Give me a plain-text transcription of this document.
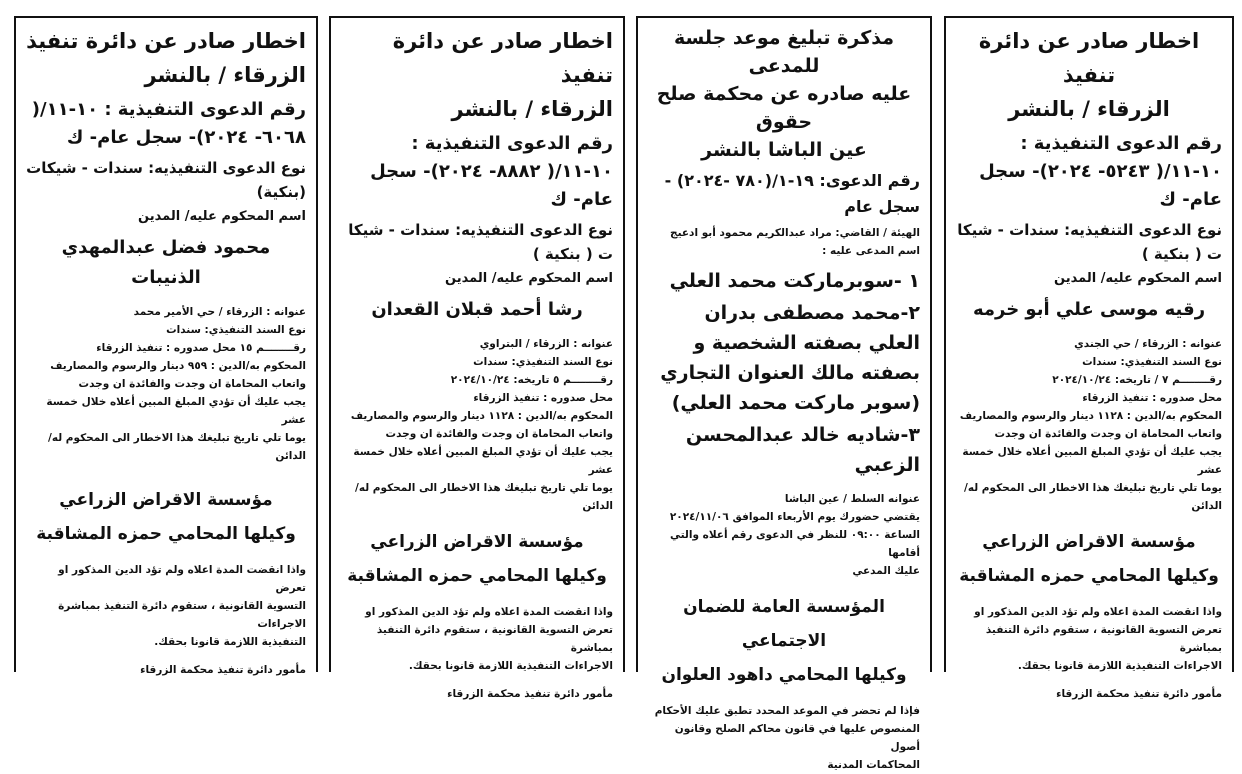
اخطار صادر عن دائرة تنفيذ

الزرقاء / بالنشر

رقم الدعوى التنفيذية : ١٠-١١/( ٥٢٤٣- ٢٠٢٤)- سجل عام- ك

نوع الدعوى التنفيذيه: سندات - شيكا ت ( بنكية )

اسم المحكوم عليه/ المدين

رقيه موسى علي أبو خرمه

عنوانه : الزرقاء / حي الجندي

نوع السند التنفيذي: سندات

رقــــــــم ٧ / تاريخه: ٢٠٢٤/١٠/٢٤

محل صدوره : تنفيذ الزرقاء

المحكوم به/الدين : ١١٢٨ دينار والرسوم والمصاريف

واتعاب المحاماة ان وجدت والفائدة ان وجدت

يجب عليك أن تؤدي المبلغ المبين أعلاه خلال خمسة عشر

يوما تلي تاريخ تبليغك هذا الاخطار الى المحكوم له/ الدائن

مؤسسة الاقراض الزراعي

وكيلها المحامي حمزه المشاقبة

واذا انقضت المدة اعلاه ولم تؤد الدين المذكور او

تعرض التسوية القانونية ، ستقوم دائرة التنفيذ بمباشرة

الاجراءات التنفيذية اللازمة قانونا بحقك.

مأمور دائرة تنفيذ محكمة الزرقاء

مذكرة تبليغ موعد جلسة للمدعى

عليه صادره عن محكمة صلح حقوق

عين الباشا بالنشر

رقم الدعوى: ١٩-١/(٧٨٠ -٢٠٢٤) - سجل عام

الهيئة / القاضي: مراد عبدالكريم محمود أبو ادعيج

اسم المدعى عليه :

١ -سوبرماركت محمد العلي

٢-محمد مصطفى بدران العلي بصفته الشخصية و بصفته مالك العنوان التجاري (سوبر ماركت محمد العلي)

٣-شاديه خالد عبدالمحسن الزعبي

عنوانه السلط / عين الباشا

يقتضي حضورك يوم الأربعاء الموافق ٢٠٢٤/١١/٠٦

الساعة ٠٩:٠٠ للنظر في الدعوى رقم أعلاه والتي أقامها

عليك المدعي

المؤسسة العامة للضمان الاجتماعي

وكيلها المحامي داهود العلوان

فإذا لم تحضر في الموعد المحدد تطبق عليك الأحكام

المنصوص عليها في قانون محاكم الصلح وقانون أصول

المحاكمات المدنية

اخطار صادر عن دائرة تنفيذ

الزرقاء / بالنشر

رقم الدعوى التنفيذية : ١٠-١١/( ٨٨٨٢- ٢٠٢٤)- سجل عام- ك

نوع الدعوى التنفيذيه: سندات - شيكا ت ( بنكية )

اسم المحكوم عليه/ المدين

رشا أحمد قبلان القعدان

عنوانه : الزرقاء / البتراوي

نوع السند التنفيذي: سندات

رقــــــــم ٥ تاريخه: ٢٠٢٤/١٠/٢٤

محل صدوره : تنفيذ الزرقاء

المحكوم به/الدين : ١١٢٨ دينار والرسوم والمصاريف

واتعاب المحاماة ان وجدت والفائدة ان وجدت

يجب عليك أن تؤدي المبلغ المبين أعلاه خلال خمسة عشر

يوما تلي تاريخ تبليغك هذا الاخطار الى المحكوم له/ الدائن

مؤسسة الاقراض الزراعي

وكيلها المحامي حمزه المشاقبة

واذا انقضت المدة اعلاه ولم تؤد الدين المذكور او

تعرض التسوية القانونية ، ستقوم دائرة التنفيذ بمباشرة

الاجراءات التنفيذية اللازمة قانونا بحقك.

مأمور دائرة تنفيذ محكمة الزرقاء

اخطار صادر عن دائرة تنفيذ

الزرقاء / بالنشر

رقم الدعوى التنفيذية : ١٠-١١/( ٦٠٦٨- ٢٠٢٤)- سجل عام- ك

نوع الدعوى التنفيذيه: سندات - شيكات (بنكية)

اسم المحكوم عليه/ المدين

محمود فضل عبدالمهدي الذنيبات

عنوانه : الزرقاء / حي الأمير محمد

نوع السند التنفيذي: سندات

رقــــــــم ١٥ محل صدوره : تنفيذ الزرقاء

المحكوم به/الدين : ٩٥٩ دينار والرسوم والمصاريف

واتعاب المحاماة ان وجدت والفائدة ان وجدت

يجب عليك أن تؤدي المبلغ المبين أعلاه خلال خمسة عشر

يوما تلي تاريخ تبليغك هذا الاخطار الى المحكوم له/ الدائن

مؤسسة الاقراض الزراعي

وكيلها المحامي حمزه المشاقبة

واذا انقضت المدة اعلاه ولم تؤد الدين المذكور او تعرض

التسوية القانونية ، ستقوم دائرة التنفيذ بمباشرة الاجراءات

التنفيذية اللازمة قانونا بحقك.

مأمور دائرة تنفيذ محكمة الزرقاء
